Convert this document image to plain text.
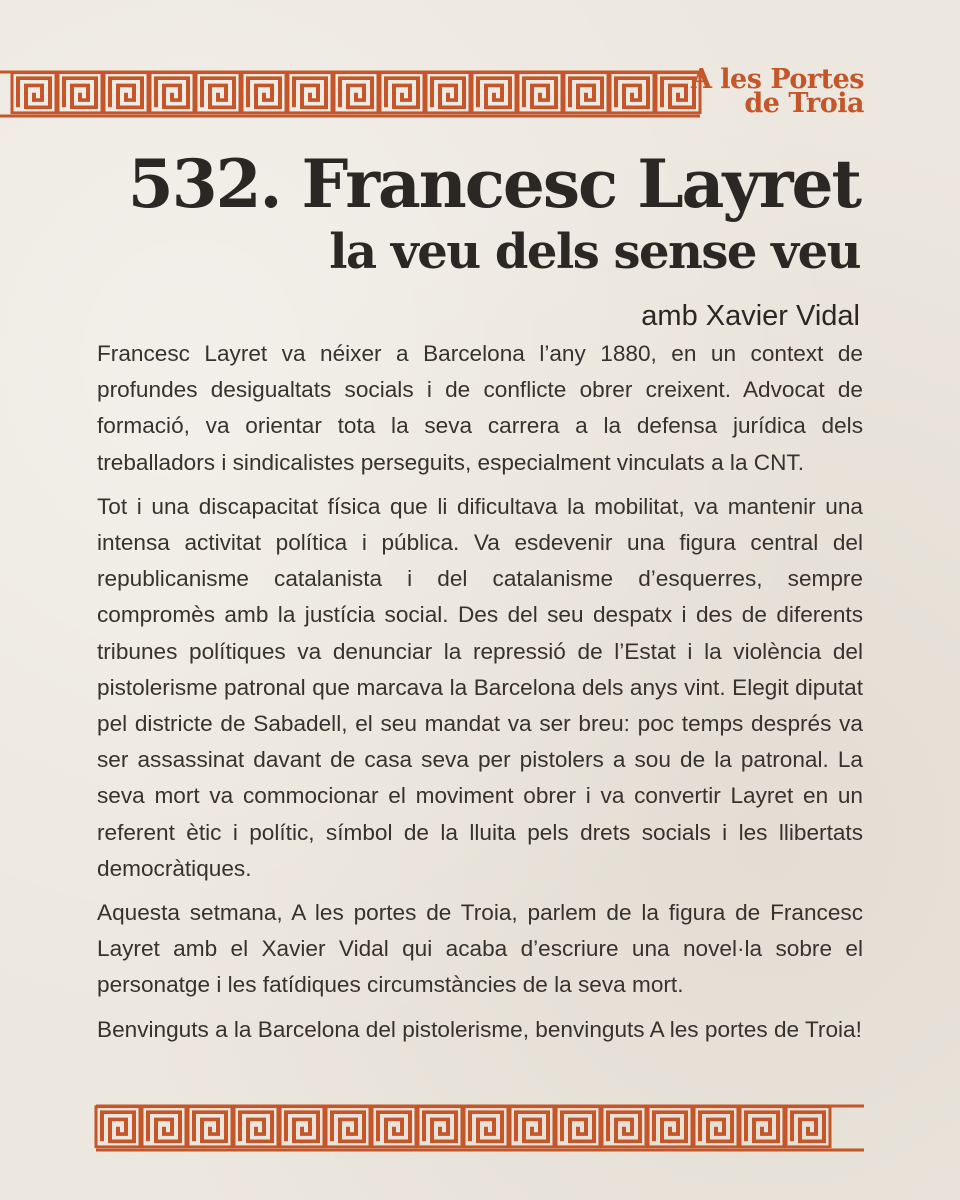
A les Portes
de Troia
532. Francesc Layret
la veu dels sense veu

amb Xavier Vidal

Francesc Layret va néixer a Barcelona l’any 1880, en un context de profundes desigualtats socials i de conflicte obrer creixent. Advocat de formació, va orientar tota la seva carrera a la defensa jurídica dels treballadors i sindicalistes perseguits, especialment vinculats a la CNT.

Tot i una discapacitat física que li dificultava la mobilitat, va mantenir una intensa activitat política i pública. Va esdevenir una figura central del republicanisme catalanista i del catalanisme d’esquerres, sempre compromès amb la justícia social. Des del seu despatx i des de diferents tribunes polítiques va denunciar la repressió de l’Estat i la violència del pistolerisme patronal que marcava la Barcelona dels anys vint. Elegit diputat pel districte de Sabadell, el seu mandat va ser breu: poc temps després va ser assassinat davant de casa seva per pistolers a sou de la patronal. La seva mort va commocionar el moviment obrer i va convertir Layret en un referent ètic i polític, símbol de la lluita pels drets socials i les llibertats democràtiques.

Aquesta setmana, A les portes de Troia, parlem de la figura de Francesc Layret amb el Xavier Vidal qui acaba d’escriure una novel·la sobre el personatge i les fatídiques circumstàncies de la seva mort.

Benvinguts a la Barcelona del pistolerisme, benvinguts A les portes de Troia!
